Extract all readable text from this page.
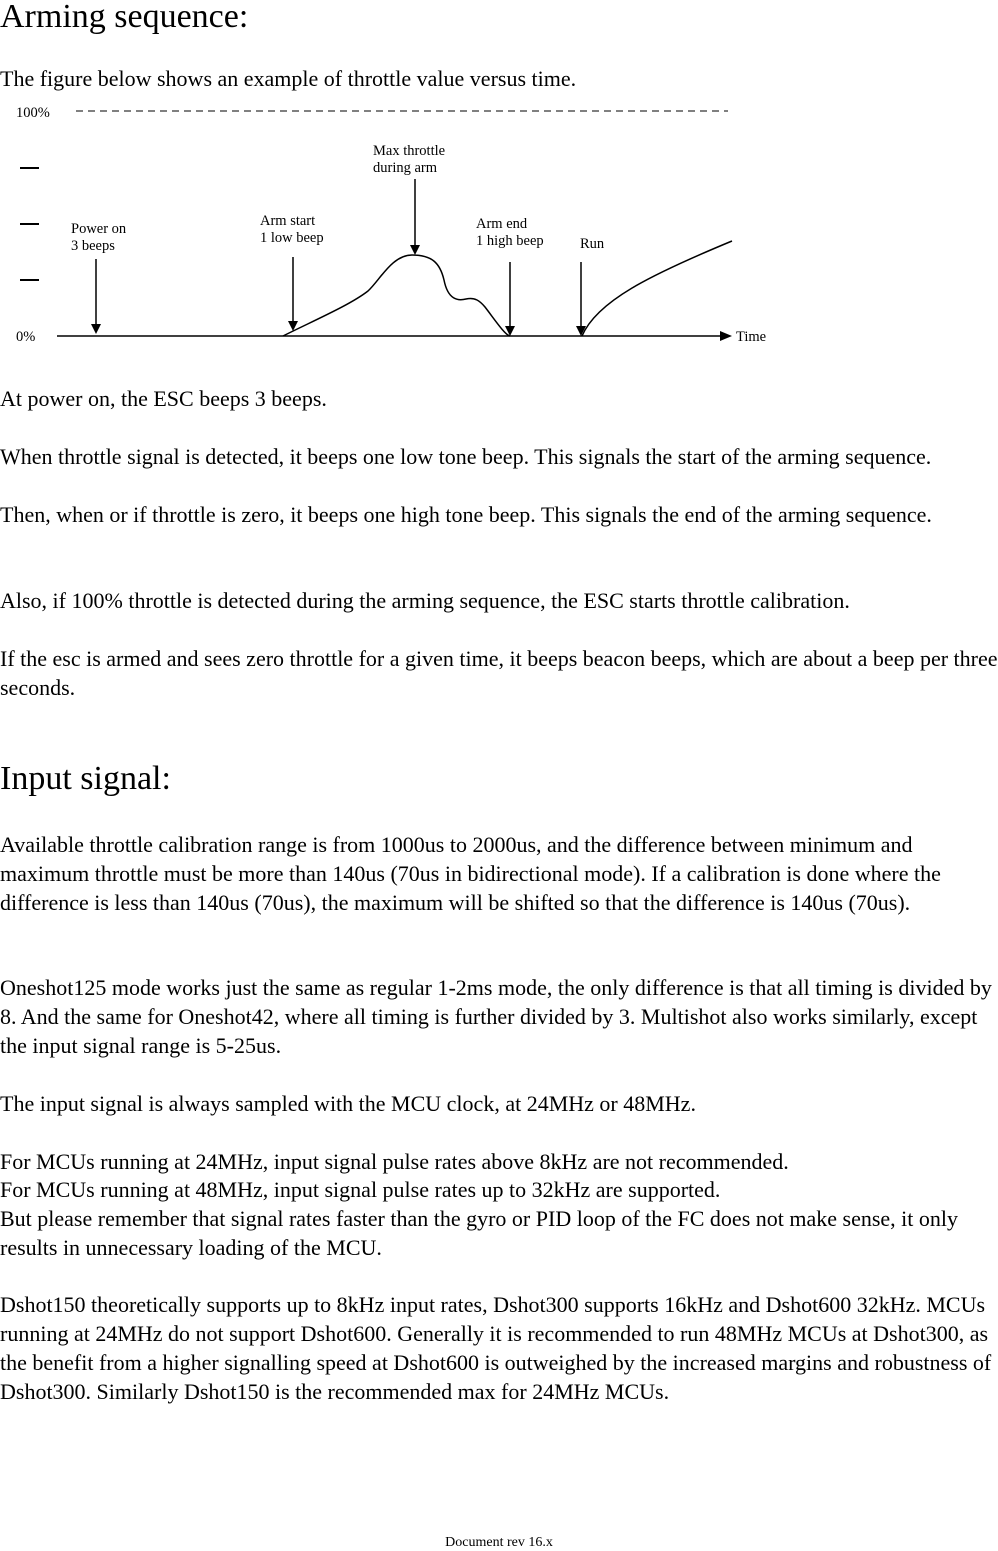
Arming sequence:

The figure below shows an example of throttle value versus time.

100%
0%	Time
Power on 3 beeps
Arm start 1 low beep
Max throttle during arm
Arm end 1 high beep	Run

At power on, the ESC beeps 3 beeps.

When throttle signal is detected, it beeps one low tone beep. This signals the start of the arming sequence.

Then, when or if throttle is zero, it beeps one high tone beep. This signals the end of the arming sequence.

Also, if 100% throttle is detected during the arming sequence, the ESC starts throttle calibration.

If the esc is armed and sees zero throttle for a given time, it beeps beacon beeps, which are about a beep per three seconds.

Input signal:

Available throttle calibration range is from 1000us to 2000us, and the difference between minimum and maximum throttle must be more than 140us (70us in bidirectional mode). If a calibration is done where the difference is less than 140us (70us), the maximum will be shifted so that the difference is 140us (70us).

Oneshot125 mode works just the same as regular 1-2ms mode, the only difference is that all timing is divided by 8. And the same for Oneshot42, where all timing is further divided by 3. Multishot also works similarly, except the input signal range is 5-25us.

The input signal is always sampled with the MCU clock, at 24MHz or 48MHz.

For MCUs running at 24MHz, input signal pulse rates above 8kHz are not recommended.

For MCUs running at 48MHz, input signal pulse rates up to 32kHz are supported.

But please remember that signal rates faster than the gyro or PID loop of the FC does not make sense, it only results in unnecessary loading of the MCU.

Dshot150 theoretically supports up to 8kHz input rates, Dshot300 supports 16kHz and Dshot600 32kHz. MCUs running at 24MHz do not support Dshot600. Generally it is recommended to run 48MHz MCUs at Dshot300, as the benefit from a higher signalling speed at Dshot600 is outweighed by the increased margins and robustness of Dshot300. Similarly Dshot150 is the recommended max for 24MHz MCUs.

Document rev 16.x
